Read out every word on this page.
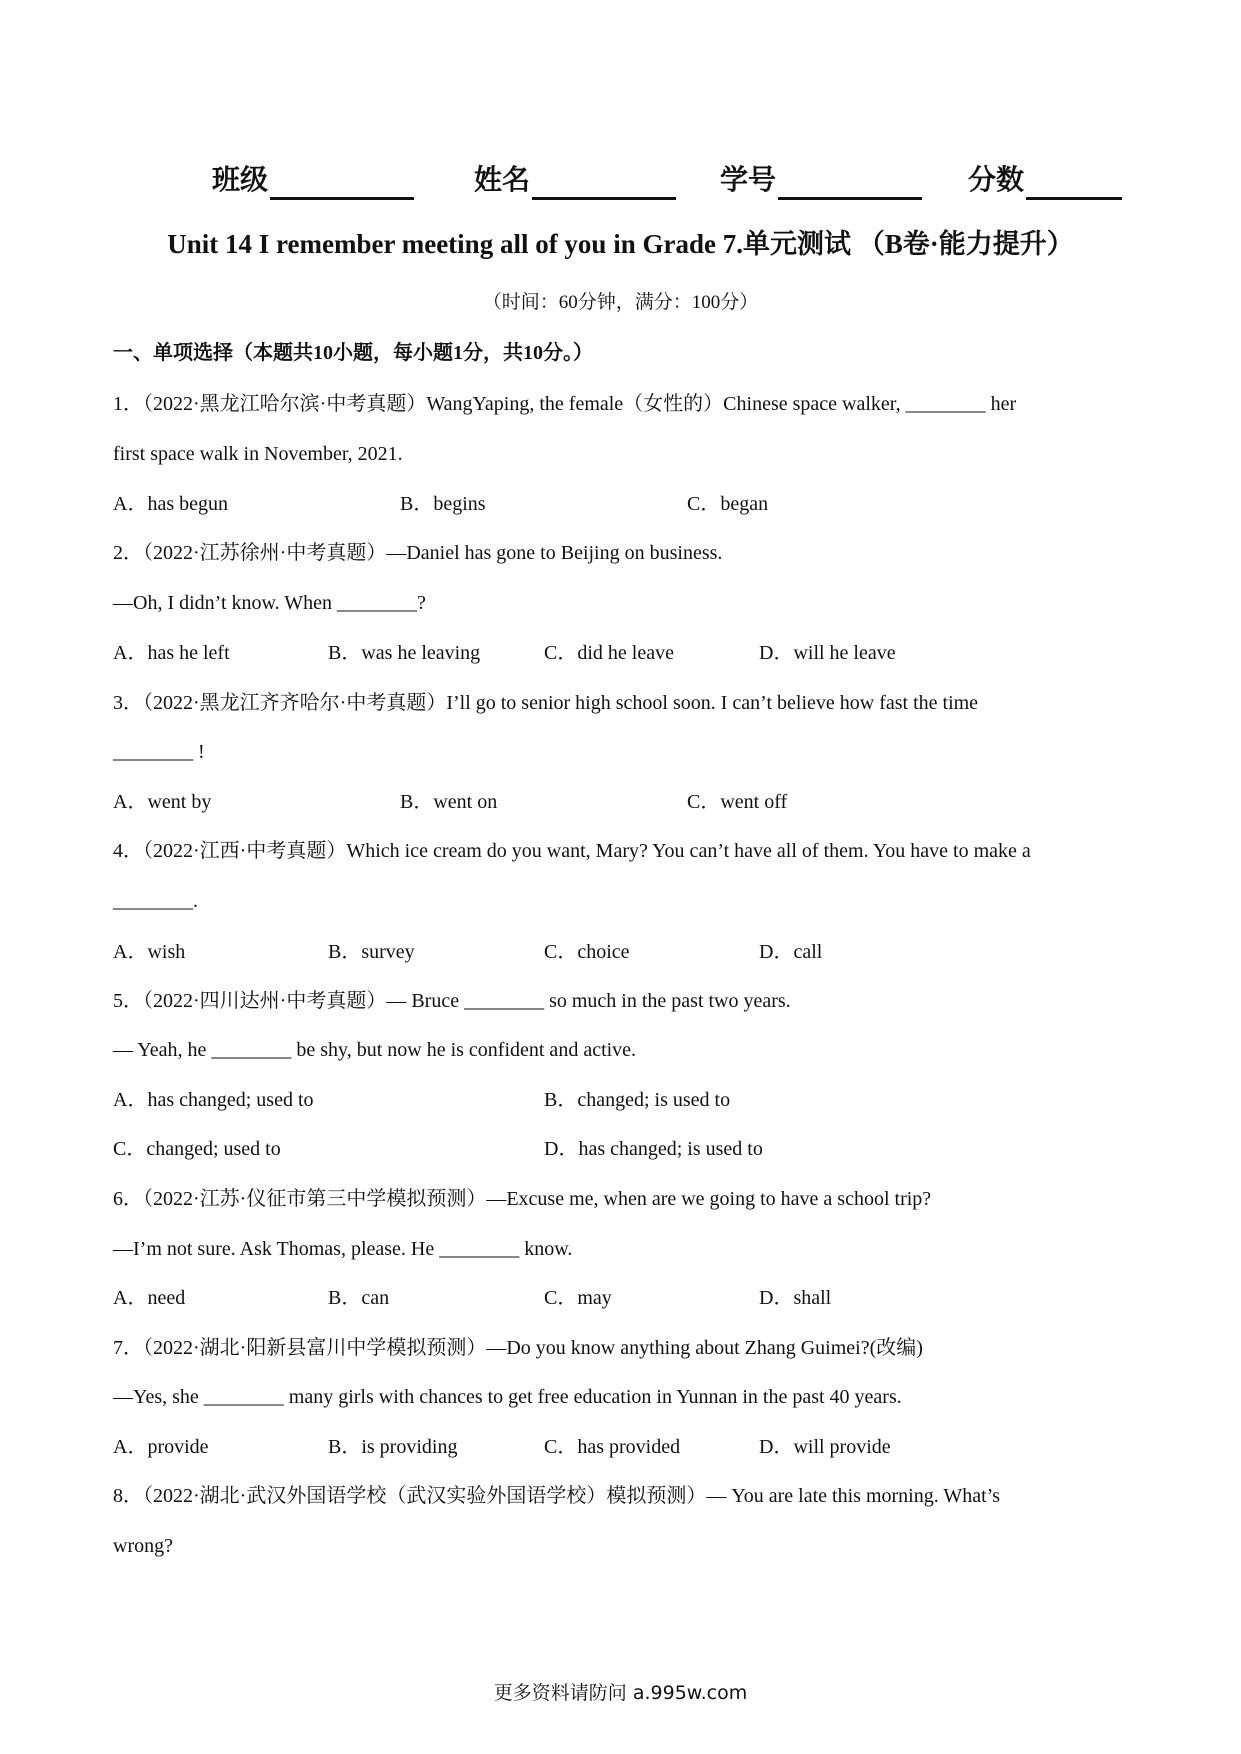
班级	姓名	学号	分数
Unit 14 I remember meeting all of you in Grade 7.单元测试 （B卷·能力提升）
（时间：60分钟，满分：100分）
一、单项选择（本题共10小题，每小题1分，共10分。）
1．（2022·黑龙江哈尔滨·中考真题）WangYaping, the female（女性的）Chinese space walker, ________ her
first space walk in November, 2021.
A．has begun	B．begins	C．began
2．（2022·江苏徐州·中考真题）—Daniel has gone to Beijing on business.
—Oh, I didn’t know. When ________?
A．has he left	B．was he leaving	C．did he leave	D．will he leave
3．（2022·黑龙江齐齐哈尔·中考真题）I’ll go to senior high school soon. I can’t believe how fast the time
________ !
A．went by	B．went on	C．went off
4．（2022·江西·中考真题）Which ice cream do you want, Mary? You can’t have all of them. You have to make a
________.
A．wish	B．survey	C．choice	D．call
5．（2022·四川达州·中考真题）— Bruce ________ so much in the past two years.
— Yeah, he ________ be shy, but now he is confident and active.
A．has changed; used to	B．changed; is used to
C．changed; used to	D．has changed; is used to
6．（2022·江苏·仪征市第三中学模拟预测）—Excuse me, when are we going to have a school trip?
—I’m not sure. Ask Thomas, please. He ________ know.
A．need	B．can	C．may	D．shall
7．（2022·湖北·阳新县富川中学模拟预测）—Do you know anything about Zhang Guimei?(改编)
—Yes, she ________ many girls with chances to get free education in Yunnan in the past 40 years.
A．provide	B．is providing	C．has provided	D．will provide
8．（2022·湖北·武汉外国语学校（武汉实验外国语学校）模拟预测）— You are late this morning. What’s
wrong?
更多资料请防问 a.995w.com
